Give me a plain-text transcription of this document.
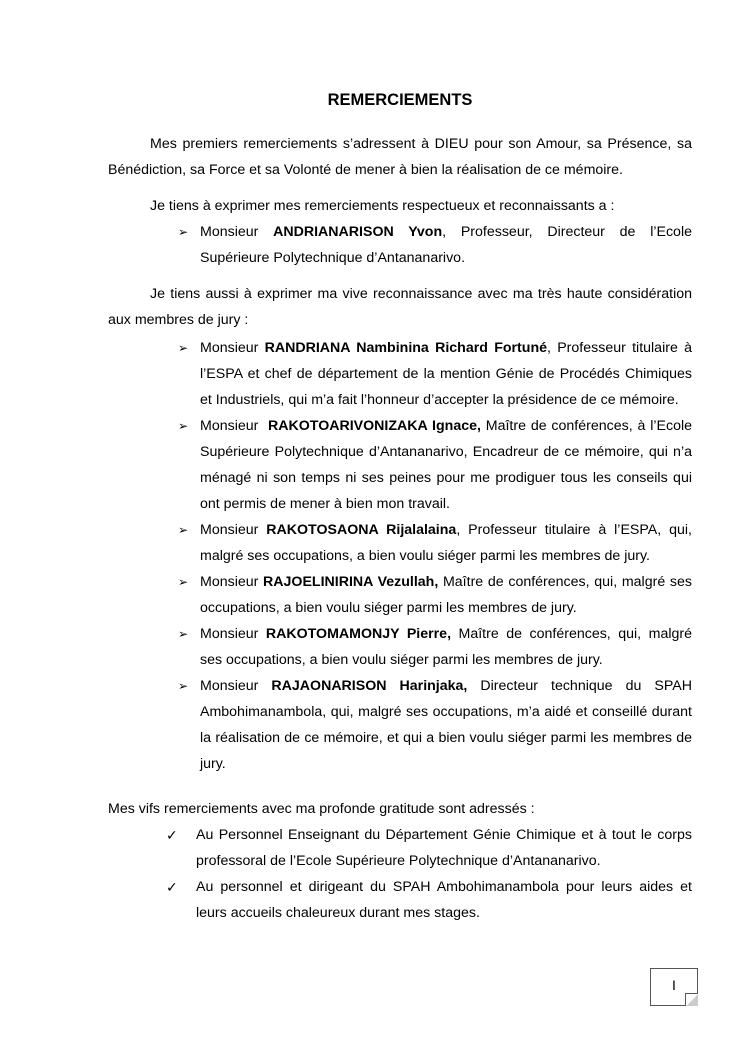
REMERCIEMENTS

Mes premiers remerciements s’adressent à DIEU pour son Amour, sa Présence, sa Bénédiction, sa Force et sa Volonté de mener à bien la réalisation de ce mémoire.

Je tiens à exprimer mes remerciements respectueux et reconnaissants a :

➢ Monsieur ANDRIANARISON Yvon, Professeur, Directeur de l’Ecole Supérieure Polytechnique d’Antananarivo.

Je tiens aussi à exprimer ma vive reconnaissance avec ma très haute considération aux membres de jury :

➢ Monsieur RANDRIANA Nambinina Richard Fortuné, Professeur titulaire à l’ESPA et chef de département de la mention Génie de Procédés Chimiques et Industriels, qui m’a fait l’honneur d’accepter la présidence de ce mémoire.
➢ Monsieur  RAKOTOARIVONIZAKA Ignace, Maître de conférences, à l’Ecole Supérieure Polytechnique d’Antananarivo, Encadreur de ce mémoire, qui n’a ménagé ni son temps ni ses peines pour me prodiguer tous les conseils qui ont permis de mener à bien mon travail.
➢ Monsieur RAKOTOSAONA Rijalalaina, Professeur titulaire à l’ESPA, qui, malgré ses occupations, a bien voulu siéger parmi les membres de jury.
➢ Monsieur RAJOELINIRINA Vezullah, Maître de conférences, qui, malgré ses occupations, a bien voulu siéger parmi les membres de jury.
➢ Monsieur RAKOTOMAMONJY Pierre, Maître de conférences, qui, malgré ses occupations, a bien voulu siéger parmi les membres de jury.
➢ Monsieur RAJAONARISON Harinjaka, Directeur technique du SPAH Ambohimanambola, qui, malgré ses occupations, m’a aidé et conseillé durant la réalisation de ce mémoire, et qui a bien voulu siéger parmi les membres de jury.

Mes vifs remerciements avec ma profonde gratitude sont adressés :

✓ Au Personnel Enseignant du Département Génie Chimique et à tout le corps professoral de l’Ecole Supérieure Polytechnique d’Antananarivo.
✓ Au personnel et dirigeant du SPAH Ambohimanambola pour leurs aides et leurs accueils chaleureux durant mes stages.
I
